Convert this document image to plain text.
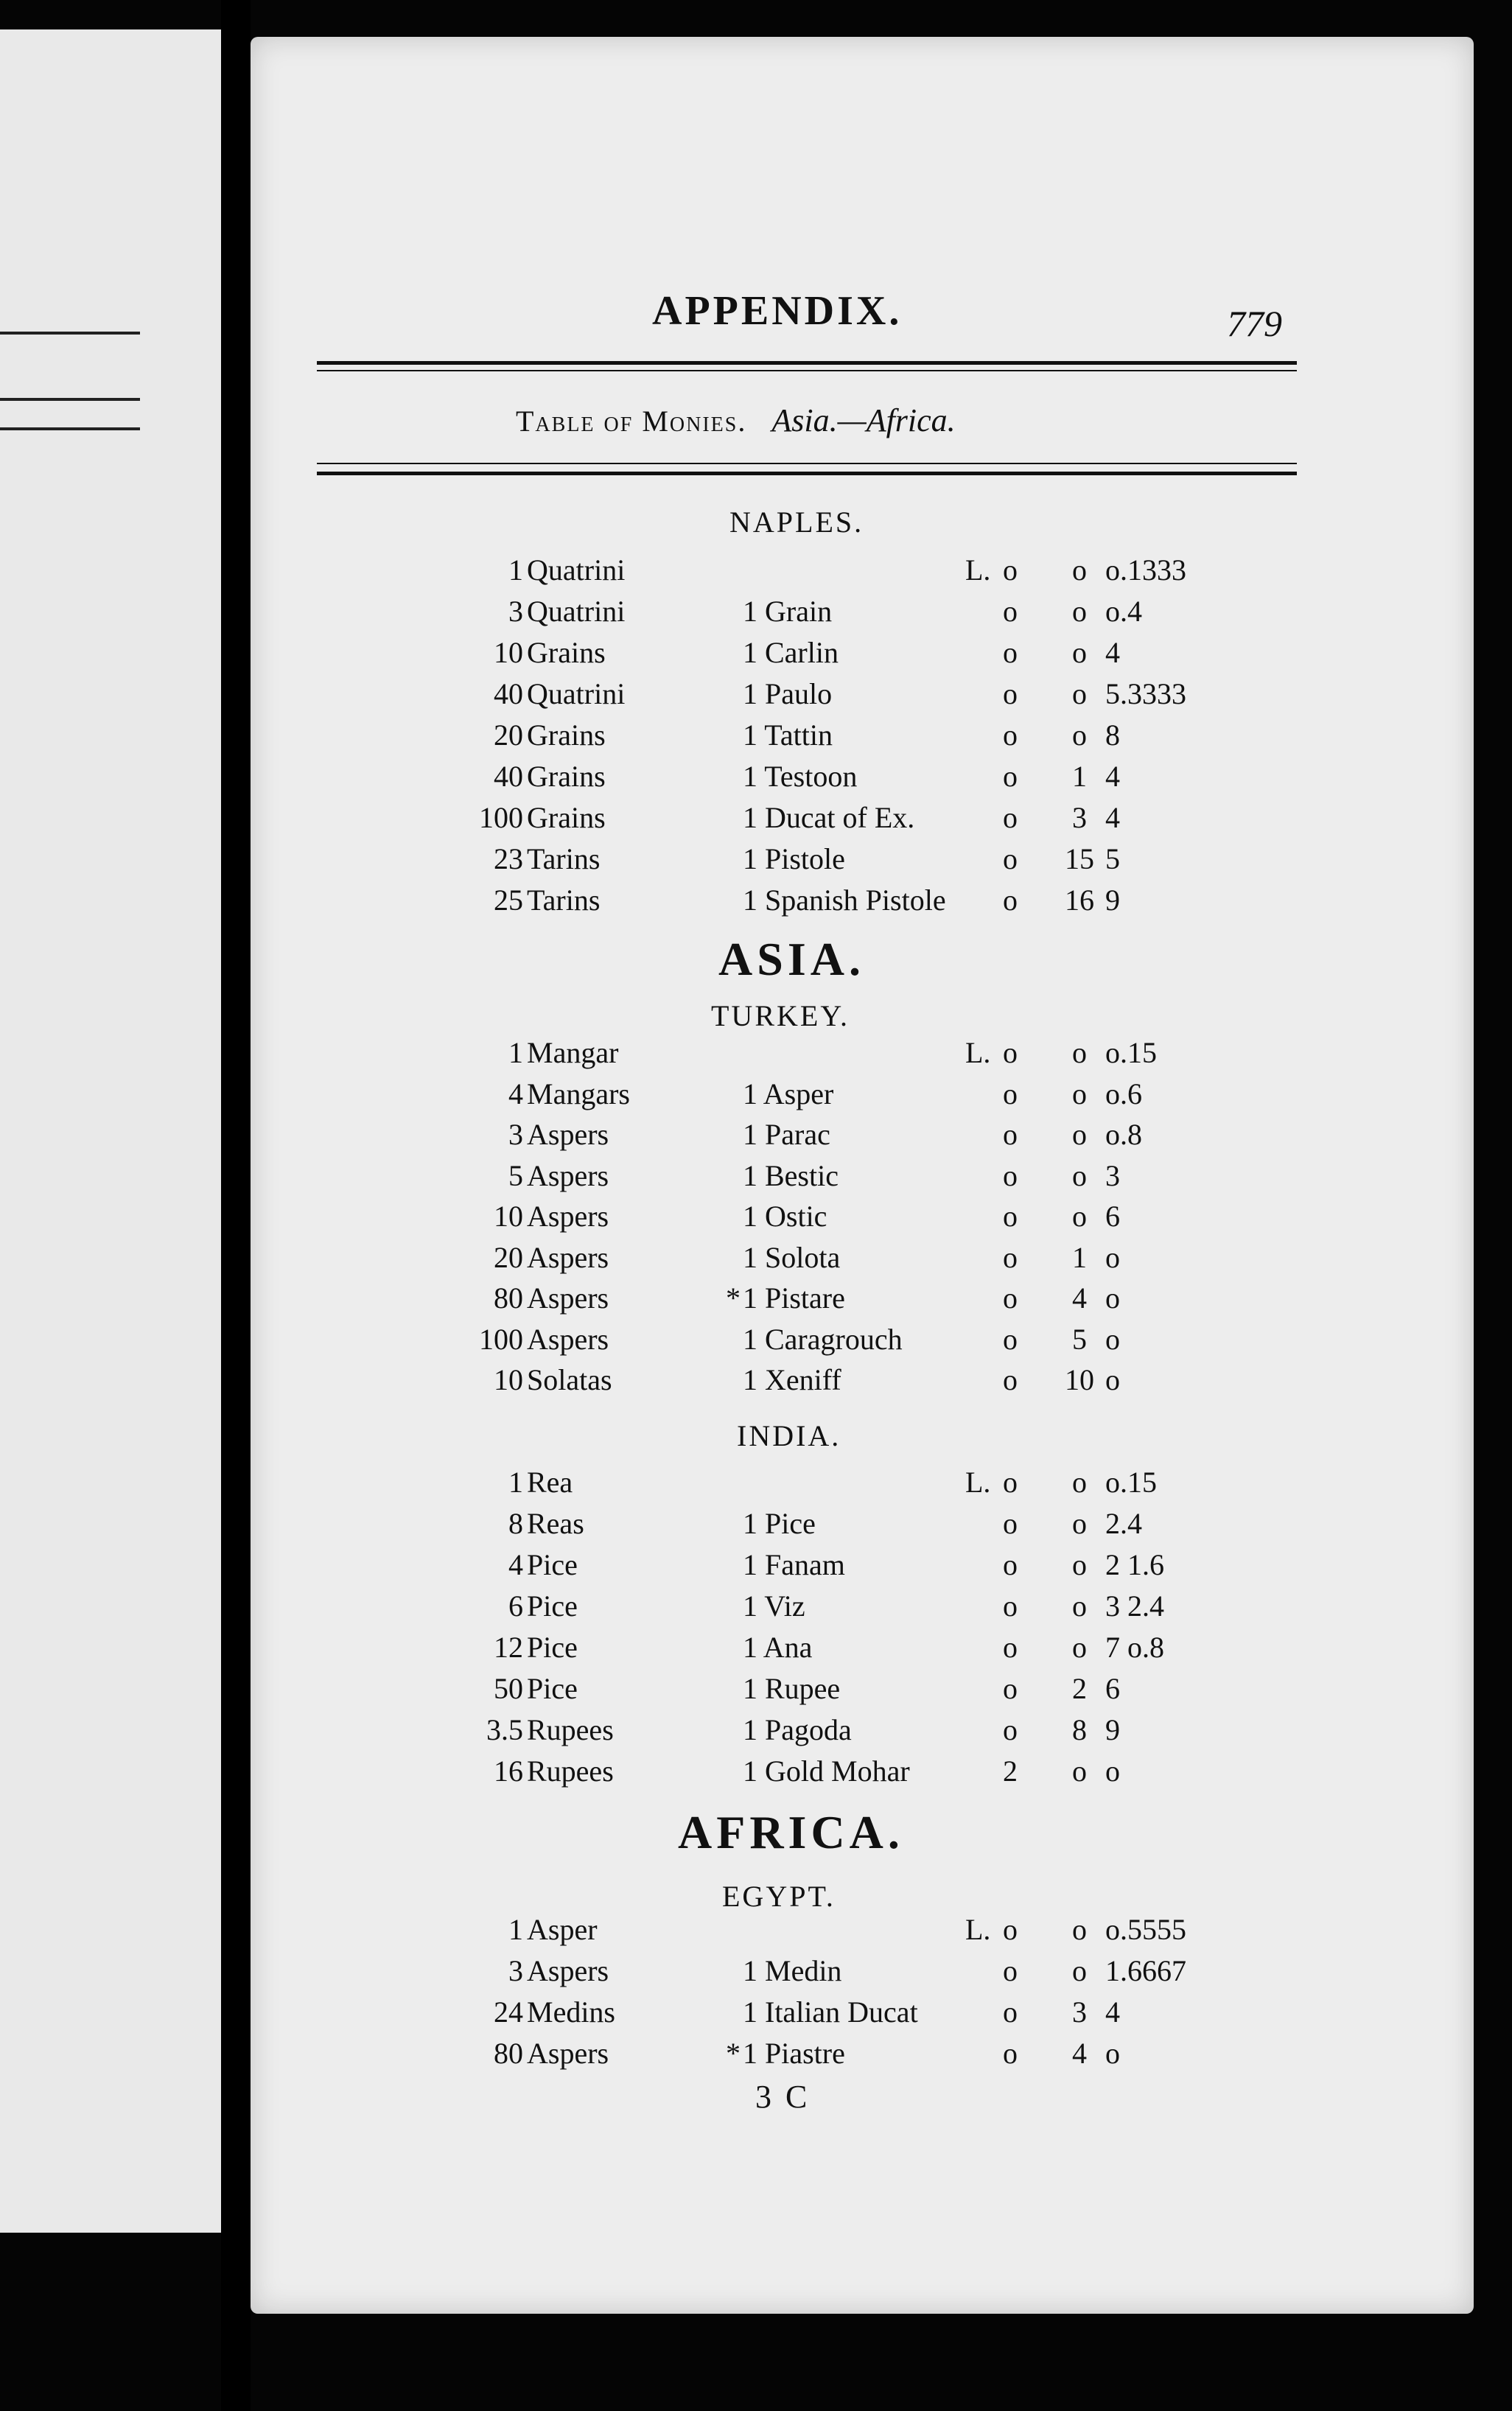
APPENDIX.	779
Table of Monies. Asia.—Africa.
NAPLES.
1 Quatrini	L. o	o o.1333
3 Quatrini	1 Grain	o	o o.4
10 Grains	1 Carlin	o	o 4
40 Quatrini	1 Paulo	o	o 5.3333
20 Grains	1 Tattin	o	o 8
40 Grains	1 Testoon	o	1 4
100 Grains	1 Ducat of Ex.	o	3 4
23 Tarins	1 Pistole	o	15 5
25 Tarins	1 Spanish Pistole o	16 9
ASIA.
TURKEY.
1 Mangar	L. o	o o.15
4 Mangars	1 Asper	o	o o.6
3 Aspers	1 Parac	o	o o.8
5 Aspers	1 Bestic	o	o 3
10 Aspers	1 Ostic	o	o 6
20 Aspers	1 Solota	o	1 o
80 Aspers	* 1 Pistare	o	4 o
100 Aspers	1 Caragrouch	o	5 o
10 Solatas	1 Xeniff	o	10 o
INDIA.
1 Rea	L. o	o o.15
8 Reas	1 Pice	o	o 2.4
4 Pice	1 Fanam	o	o 2 1.6
6 Pice	1 Viz	o	o 3 2.4
12 Pice	1 Ana	o	o 7 o.8
50 Pice	1 Rupee	o	2 6
3.5 Rupees	1 Pagoda	o	8 9
16 Rupees	1 Gold Mohar	2	o o
AFRICA.
EGYPT.
1 Asper	L. o	o o.5555
3 Aspers	1 Medin	o	o 1.6667
24 Medins	1 Italian Ducat	o	3 4
80 Aspers	* 1 Piastre	o	4 o
3 C
